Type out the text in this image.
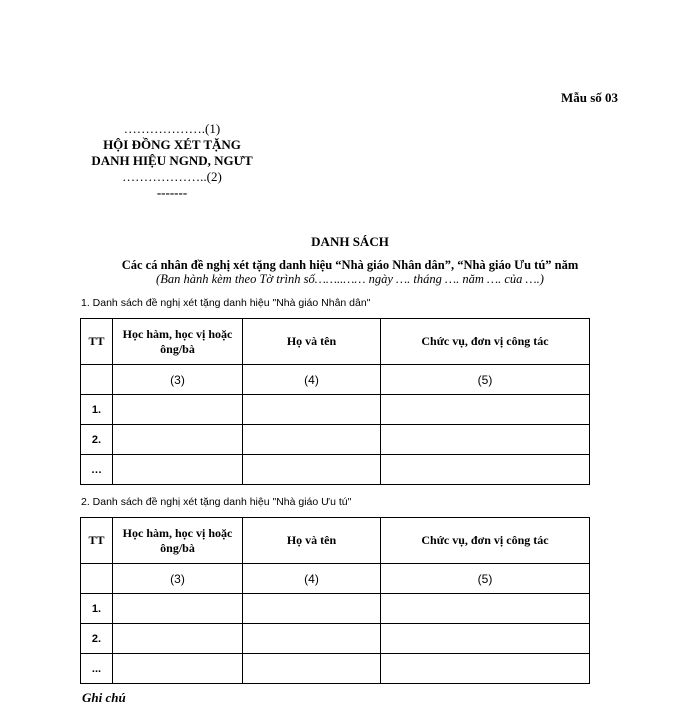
Mẫu số 03
……………….(1)
HỘI ĐỒNG XÉT TẶNG
DANH HIỆU NGND, NGƯT
………………..(2)
-------
DANH SÁCH
Các cá nhân đề nghị xét tặng danh hiệu “Nhà giáo Nhân dân”, “Nhà giáo Ưu tú” năm
(Ban hành kèm theo Tờ trình số……..…… ngày …. tháng …. năm …. của ….)
1. Danh sách đề nghị xét tặng danh hiệu "Nhà giáo Nhân dân"
TT	Học hàm, học vị hoặc ông/bà	Họ và tên	Chức vụ, đơn vị công tác
	(3)	(4)	(5)
1.			
2.			
…			
2. Danh sách đề nghị xét tặng danh hiệu "Nhà giáo Ưu tú"
TT	Học hàm, học vị hoặc ông/bà	Họ và tên	Chức vụ, đơn vị công tác
	(3)	(4)	(5)
1.			
2.			
...			
Ghi chú
